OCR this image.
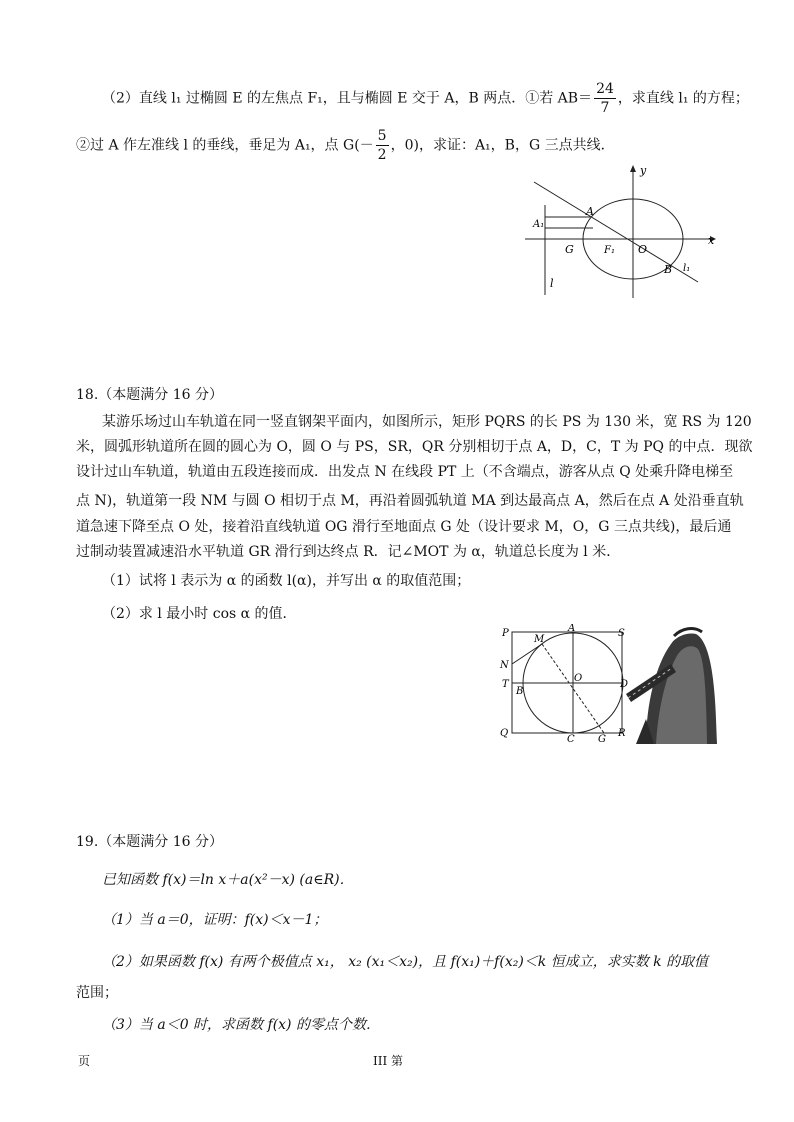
（2）直线 l₁ 过椭圆 E 的左焦点 F₁，且与椭圆 E 交于 A，B 两点．①若 $AB= \frac{24}{7}$ ，求直线 l₁ 的方程；
②过 A 作左准线 l 的垂线，垂足为 A₁，点 $G(- \frac{5}{2}$ ，0)，求证：A₁，B，G 三点共线．
y
x
A
A₁
G	F₁ O
B l₁
l
18.（本题满分 16 分）
某游乐场过山车轨道在同一竖直钢架平面内，如图所示，矩形 PQRS 的长 PS 为 130 米，宽 RS 为 120
米，圆弧形轨道所在圆的圆心为 O，圆 O 与 PS，SR，QR 分别相切于点 A，D，C，T 为 PQ 的中点．现欲
设计过山车轨道，轨道由五段连接而成．出发点 N 在线段 PT 上（不含端点，游客从点 Q 处乘升降电梯至
点 N)，轨道第一段 NM 与圆 O 相切于点 M，再沿着圆弧轨道 MA 到达最高点 A，然后在点 A 处沿垂直轨
道急速下降至点 O 处，接着沿直线轨道 OG 滑行至地面点 G 处（设计要求 M，O，G 三点共线)，最后通
过制动装置减速沿水平轨道 GR 滑行到达终点 R．记∠MOT 为 α，轨道总长度为 l 米．
（1）试将 l 表示为 α 的函数 l(α)，并写出 α 的取值范围；
（2）求 l 最小时 cos α 的值．
P
M
A	S
N
T
O
D
B
Q
C G
R
19.（本题满分 16 分）
已知函数 f(x)＝ln x＋a(x²－x) (a∈R)．
（1）当 a＝0，证明：f(x)＜x－1；
（2）如果函数 f(x) 有两个极值点 x₁， x₂ (x₁＜x₂)，且 f(x₁)＋f(x₂)＜k 恒成立，求实数 k 的取值
范围；
（3）当 a＜0 时，求函数 f(x) 的零点个数．
页	III 第
